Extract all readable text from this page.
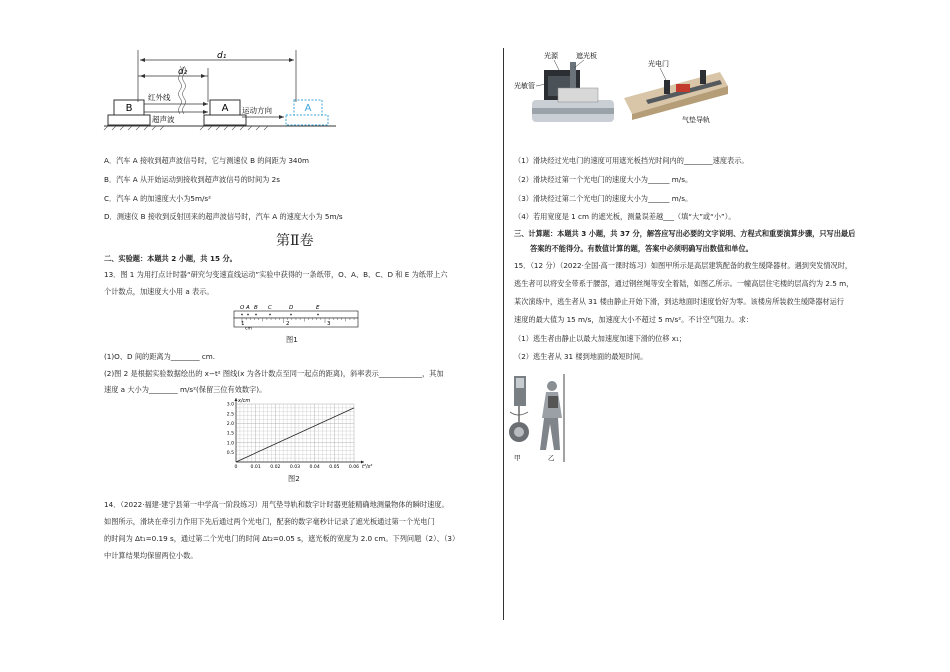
B	A	A
d₁
d₂
红外线
超声波
运动方向
A．汽车 A 接收到超声波信号时，它与测速仪 B 的间距为 340m
B．汽车 A 从开始运动到接收到超声波信号的时间为 2s
C．汽车 A 的加速度大小为5m/s²
D．测速仪 B 接收到反射回来的超声波信号时，汽车 A 的速度大小为 5m/s
第Ⅱ卷
二、实验题：本题共 2 小题，共 15 分。
13．图 1 为用打点计时器“研究匀变速直线运动”实验中获得的一条纸带，O、A、B、C、D 和 E 为纸带上六
个计数点，加速度大小用 a 表示。
O A B C	D	E
1	2	3
cm
图1
(1)O、D 间的距离为________ cm.
(2)图 2 是根据实验数据绘出的 x−t² 图线(x 为各计数点至同一起点的距离)，斜率表示____________，其加
速度 a 大小为________ m/s²(保留三位有效数字)。
0	0.01 0.02 0.03 0.04 0.05 0.06
0.5
1.5
2.5
1.0
2.0
3.0
t²/s²
x/cm
图2
14．（2022·福建·建宁县第一中学高一阶段练习）用气垫导轨和数字计时器更能精确地测量物体的瞬时速度。
如图所示，滑块在牵引力作用下先后通过两个光电门，配套的数字毫秒计记录了遮光板通过第一个光电门
的时间为 Δt₁=0.19 s，通过第二个光电门的时间 Δt₂=0.05 s，遮光板的宽度为 2.0 cm。下列问题（2）、（3）
中计算结果均保留两位小数。
光源	遮光板
光敏管
光电门
气垫导轨
（1）滑块经过光电门的速度可用遮光板挡光时间内的________速度表示。
（2）滑块经过第一个光电门的速度大小为______ m/s。
（3）滑块经过第二个光电门的速度大小为______ m/s。
（4）若用宽度是 1 cm 的遮光板，测量误差越___（填“大”或“小”）。
三、计算题：本题共 3 小题，共 37 分，解答应写出必要的文字说明、方程式和重要演算步骤，只写出最后
答案的不能得分。有数值计算的题，答案中必须明确写出数值和单位。
15．（12 分）（2022·全国·高一课时练习）如图甲所示是高层建筑配备的救生缓降器材。遇到突发情况时，
逃生者可以将安全带系于腰部，通过钢丝绳等安全着陆，如图乙所示。一幢高层住宅楼的层高约为 2.5 m，
某次演练中，逃生者从 31 楼由静止开始下滑，到达地面时速度恰好为零。该楼房所装救生缓降器材运行
速度的最大值为 15 m/s，加速度大小不超过 5 m/s²。不计空气阻力。求：
（1）逃生者由静止以最大加速度加速下滑的位移 x₁；
（2）逃生者从 31 楼到地面的最短时间。
甲	乙
